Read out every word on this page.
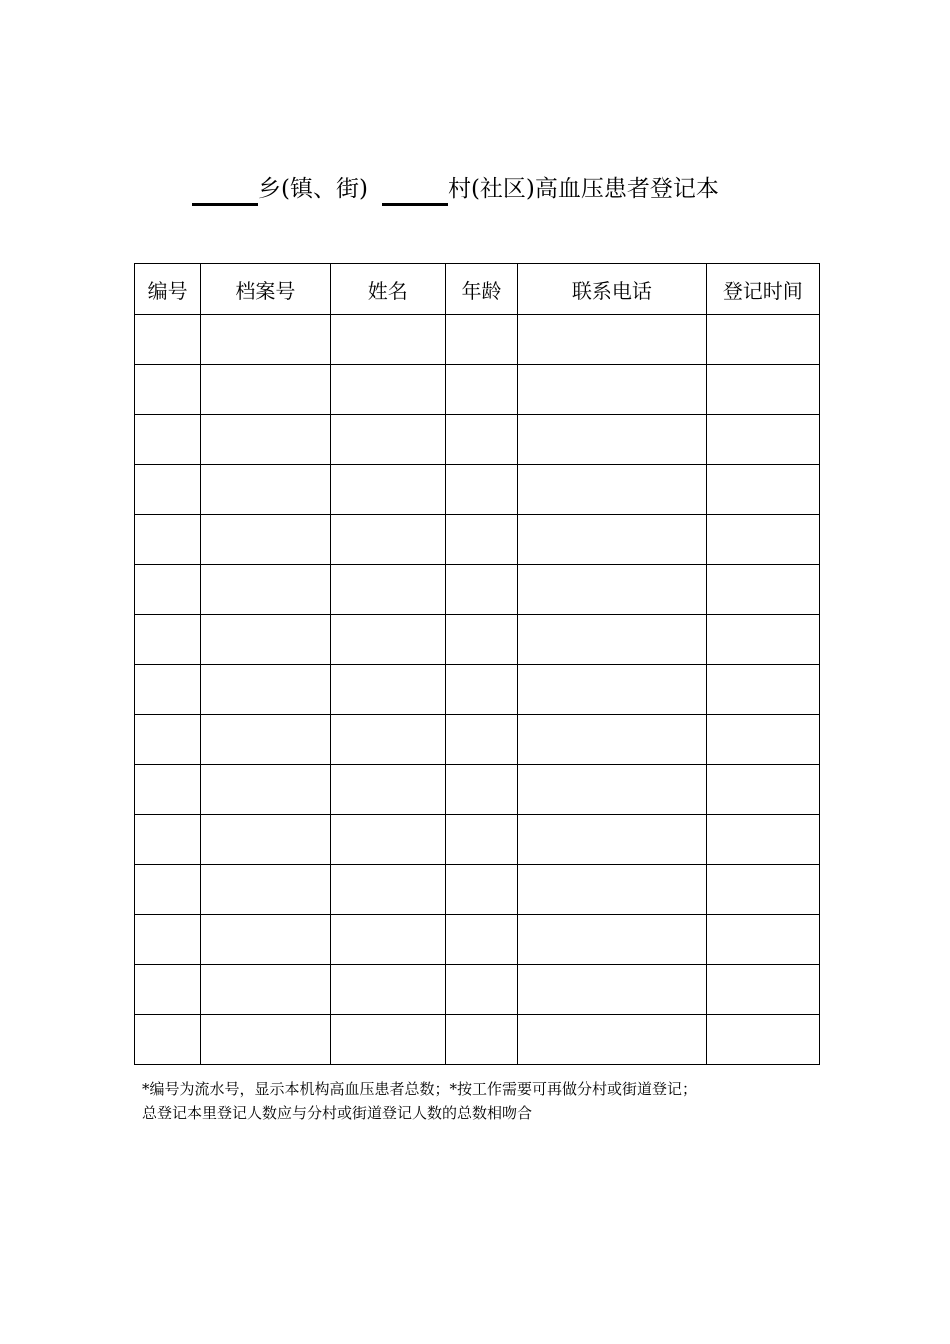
乡(镇、街)	村(社区)高血压患者登记本
编号	档案号	姓名	年龄	联系电话	登记时间

*编号为流水号，显示本机构高血压患者总数；*按工作需要可再做分村或街道登记；
总登记本里登记人数应与分村或街道登记人数的总数相吻合
